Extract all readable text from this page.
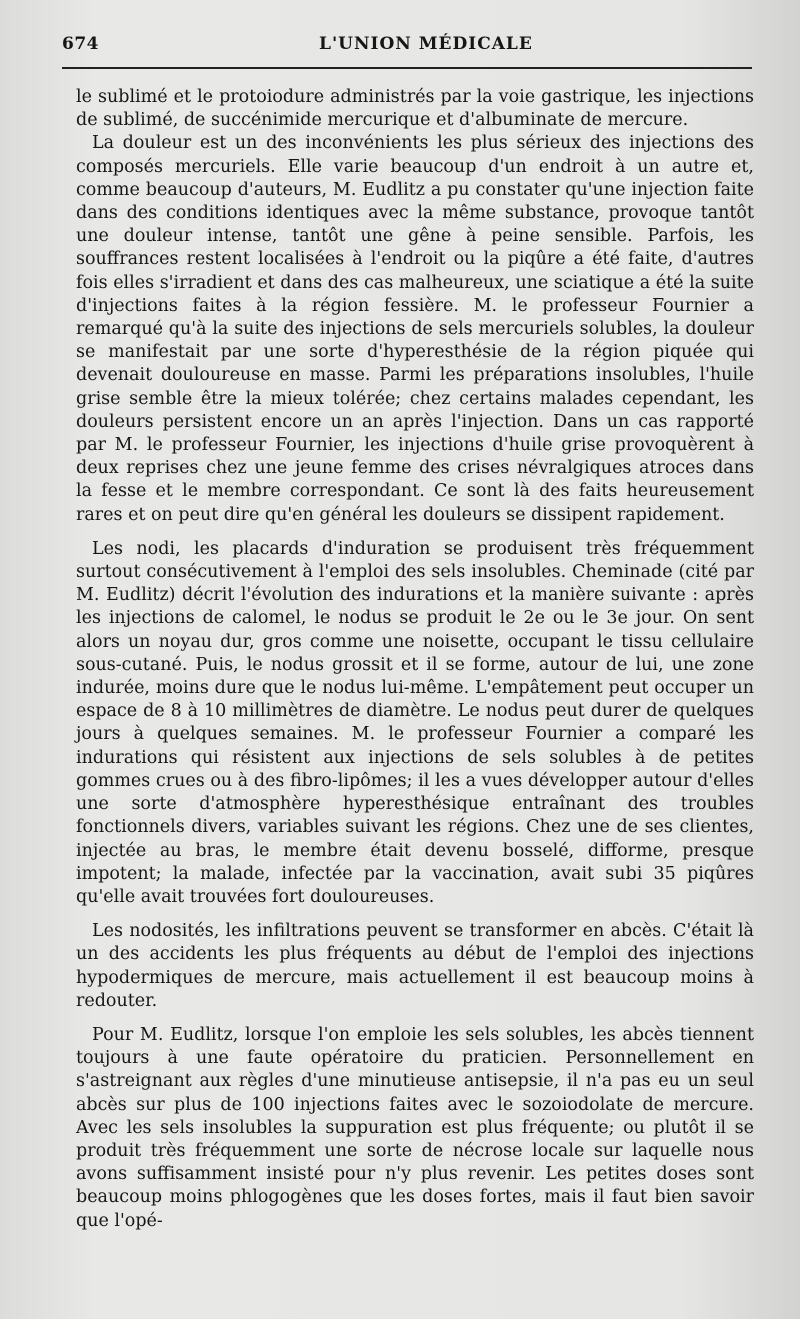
674	L'UNION MÉDICALE

le sublimé et le protoiodure administrés par la voie gastrique, les injections de sublimé, de succénimide mercurique et d'albuminate de mercure.

La douleur est un des inconvénients les plus sérieux des injections des composés mercuriels. Elle varie beaucoup d'un endroit à un autre et, comme beaucoup d'auteurs, M. Eudlitz a pu constater qu'une injection faite dans des conditions identiques avec la même substance, provoque tantôt une douleur intense, tantôt une gêne à peine sensible. Parfois, les souffrances restent localisées à l'endroit ou la piqûre a été faite, d'autres fois elles s'irradient et dans des cas malheureux, une sciatique a été la suite d'injections faites à la région fessière. M. le professeur Fournier a remarqué qu'à la suite des injections de sels mercuriels solubles, la douleur se manifestait par une sorte d'hyperesthésie de la région piquée qui devenait douloureuse en masse. Parmi les préparations insolubles, l'huile grise semble être la mieux tolérée; chez certains malades cependant, les douleurs persistent encore un an après l'injection. Dans un cas rapporté par M. le professeur Fournier, les injections d'huile grise provoquèrent à deux reprises chez une jeune femme des crises névralgiques atroces dans la fesse et le membre correspondant. Ce sont là des faits heureusement rares et on peut dire qu'en général les douleurs se dissipent rapidement.

Les nodi, les placards d'induration se produisent très fréquemment surtout consécutivement à l'emploi des sels insolubles. Cheminade (cité par M. Eudlitz) décrit l'évolution des indurations et la manière suivante : après les injections de calomel, le nodus se produit le 2e ou le 3e jour. On sent alors un noyau dur, gros comme une noisette, occupant le tissu cellulaire sous-cutané. Puis, le nodus grossit et il se forme, autour de lui, une zone indurée, moins dure que le nodus lui-même. L'empâtement peut occuper un espace de 8 à 10 millimètres de diamètre. Le nodus peut durer de quelques jours à quelques semaines. M. le professeur Fournier a comparé les indurations qui résistent aux injections de sels solubles à de petites gommes crues ou à des fibro-lipômes; il les a vues développer autour d'elles une sorte d'atmosphère hyperesthésique entraînant des troubles fonctionnels divers, variables suivant les régions. Chez une de ses clientes, injectée au bras, le membre était devenu bosselé, difforme, presque impotent; la malade, infectée par la vaccination, avait subi 35 piqûres qu'elle avait trouvées fort douloureuses.

Les nodosités, les infiltrations peuvent se transformer en abcès. C'était là un des accidents les plus fréquents au début de l'emploi des injections hypodermiques de mercure, mais actuellement il est beaucoup moins à redouter.

Pour M. Eudlitz, lorsque l'on emploie les sels solubles, les abcès tiennent toujours à une faute opératoire du praticien. Personnellement en s'astreignant aux règles d'une minutieuse antisepsie, il n'a pas eu un seul abcès sur plus de 100 injections faites avec le sozoiodolate de mercure. Avec les sels insolubles la suppuration est plus fréquente; ou plutôt il se produit très fréquemment une sorte de nécrose locale sur laquelle nous avons suffisamment insisté pour n'y plus revenir. Les petites doses sont beaucoup moins phlogogènes que les doses fortes, mais il faut bien savoir que l'opé-
